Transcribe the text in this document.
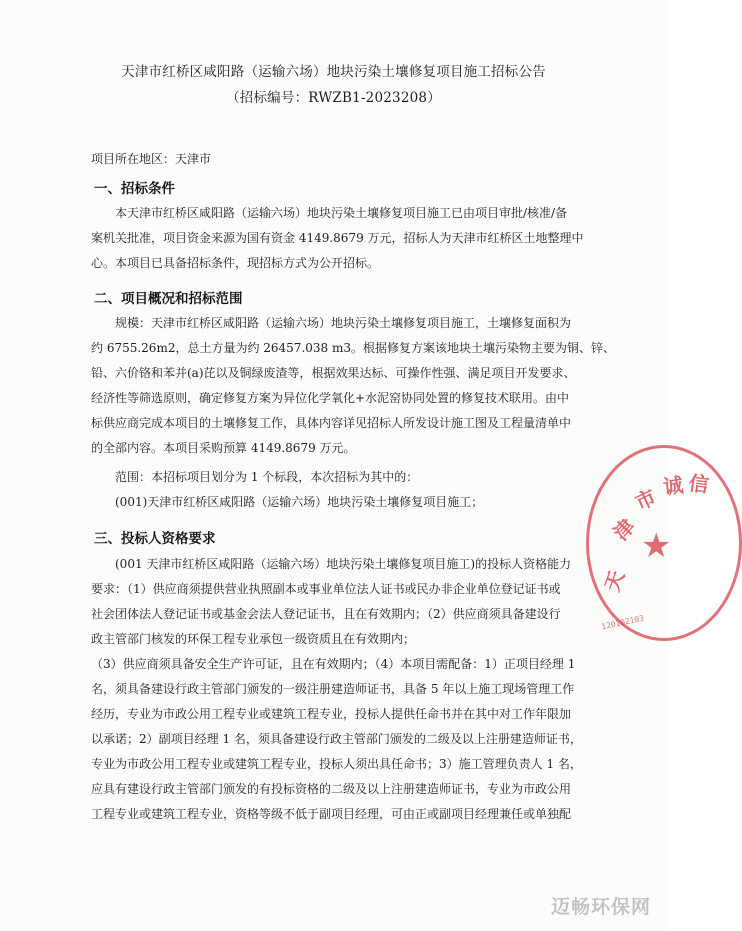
天津市红桥区咸阳路（运输六场）地块污染土壤修复项目施工招标公告
（招标编号：RWZB1-2023208）
项目所在地区：天津市
一、招标条件
　　本天津市红桥区咸阳路（运输六场）地块污染土壤修复项目施工已由项目审批/核准/备
案机关批准，项目资金来源为国有资金 4149.8679 万元，招标人为天津市红桥区土地整理中
心。本项目已具备招标条件，现招标方式为公开招标。
二、项目概况和招标范围
　　规模：天津市红桥区咸阳路（运输六场）地块污染土壤修复项目施工，土壤修复面积为
约 6755.26m2，总土方量为约 26457.038 m3。根据修复方案该地块土壤污染物主要为铜、锌、
铅、六价铬和苯并(a)芘以及铜绿废渣等，根据效果达标、可操作性强、满足项目开发要求、
经济性等筛选原则，确定修复方案为异位化学氧化+水泥窑协同处置的修复技术联用。由中
标供应商完成本项目的土壤修复工作，具体内容详见招标人所发设计施工图及工程量清单中
的全部内容。本项目采购预算 4149.8679 万元。
　　范围：本招标项目划分为 1 个标段，本次招标为其中的：
　　(001)天津市红桥区咸阳路（运输六场）地块污染土壤修复项目施工；
三、投标人资格要求
　　(001 天津市红桥区咸阳路（运输六场）地块污染土壤修复项目施工)的投标人资格能力
要求：（1）供应商须提供营业执照副本或事业单位法人证书或民办非企业单位登记证书或
社会团体法人登记证书或基金会法人登记证书，且在有效期内；（2）供应商须具备建设行
政主管部门核发的环保工程专业承包一级资质且在有效期内；
（3）供应商须具备安全生产许可证，且在有效期内；（4）本项目需配备：1）正项目经理 1
名，须具备建设行政主管部门颁发的一级注册建造师证书，具备 5 年以上施工现场管理工作
经历，专业为市政公用工程专业或建筑工程专业，投标人提供任命书并在其中对工作年限加
以承诺；2）副项目经理 1 名，须具备建设行政主管部门颁发的二级及以上注册建造师证书，
专业为市政公用工程专业或建筑工程专业，投标人须出具任命书；3）施工管理负责人 1 名，
应具有建设行政主管部门颁发的有投标资格的二级及以上注册建造师证书，专业为市政公用
工程专业或建筑工程专业，资格等级不低于副项目经理，可由正或副项目经理兼任或单独配
天
津
市 诚 信
★
120102103
迈畅环保网
